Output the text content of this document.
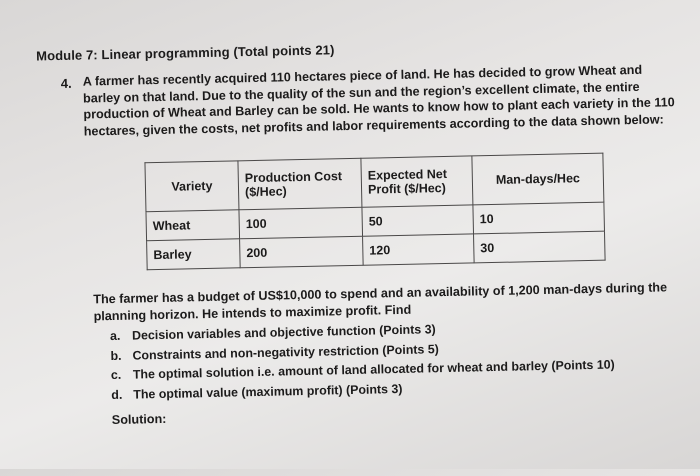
Module 7: Linear programming (Total points 21)
4. A farmer has recently acquired 110 hectares piece of land. He has decided to grow Wheat and barley on that land. Due to the quality of the sun and the region’s excellent climate, the entire production of Wheat and Barley can be sold. He wants to know how to plant each variety in the 110 hectares, given the costs, net profits and labor requirements according to the data shown below:
Variety	Production Cost ($/Hec)	Expected Net Profit ($/Hec)	Man-days/Hec
Wheat	100	50	10
Barley	200	120	30
The farmer has a budget of US$10,000 to spend and an availability of 1,200 man-days during the planning horizon. He intends to maximize profit. Find
a. Decision variables and objective function (Points 3)
b. Constraints and non-negativity restriction (Points 5)
c. The optimal solution i.e. amount of land allocated for wheat and barley (Points 10)
d. The optimal value (maximum profit) (Points 3)
Solution:
